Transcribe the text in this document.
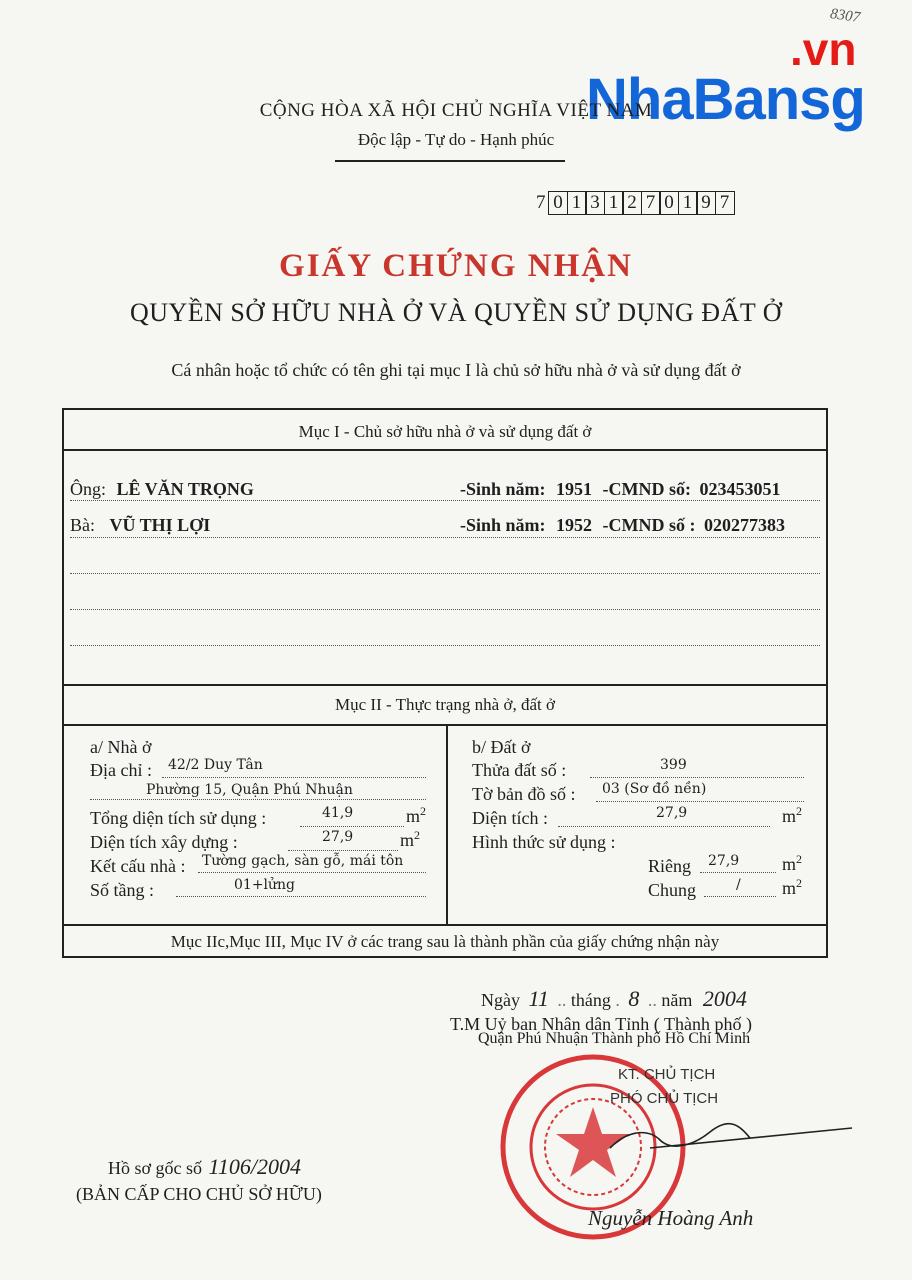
8307
.vn
NhaBansg
CỘNG HÒA XÃ HỘI CHỦ NGHĨA VIỆT NAM
Độc lập - Tự do - Hạnh phúc
7 0 1 3 1 2 7 0 1 9 7
GIẤY CHỨNG NHẬN
QUYỀN SỞ HỮU NHÀ Ở VÀ QUYỀN SỬ DỤNG ĐẤT Ở
Cá nhân hoặc tổ chức có tên ghi tại mục I là chủ sở hữu nhà ở và sử dụng đất ở
Mục I - Chủ sở hữu nhà ở và sử dụng đất ở
Ông: LÊ VĂN TRỌNG	-Sinh năm: 1951 -CMND số: 023453051
Bà: VŨ THỊ LỢI	-Sinh năm: 1952 -CMND số : 020277383
Mục II - Thực trạng nhà ở, đất ở
a/ Nhà ở
Địa chỉ : 42/2 Duy Tân
Phường 15, Quận Phú Nhuận
Tổng diện tích sử dụng :	41,9	$m^2$
Diện tích xây dựng :	27,9	$m^2$
Kết cấu nhà : Tường gạch, sàn gỗ, mái tôn
Số tầng :	01+lửng
b/ Đất ở
Thửa đất số :	399
Tờ bản đồ số : 03 (Sơ đồ nền)
Diện tích :	27,9	$m^2$
Hình thức sử dụng :
Riêng 27,9 $m^2$
Chung	/ $m^2$
Mục IIc,Mục III, Mục IV ở các trang sau là thành phần của giấy chứng nhận này
Ngày 11 .. tháng . 8 .. năm 2004
T.M Uỷ ban Nhân dân Tỉnh ( Thành phố )
Quận Phú Nhuận Thành phố Hồ Chí Minh
KT. CHỦ TỊCH
PHÓ CHỦ TỊCH
Nguyễn Hoàng Anh
Hồ sơ gốc số 1106/2004
(BẢN CẤP CHO CHỦ SỞ HỮU)
